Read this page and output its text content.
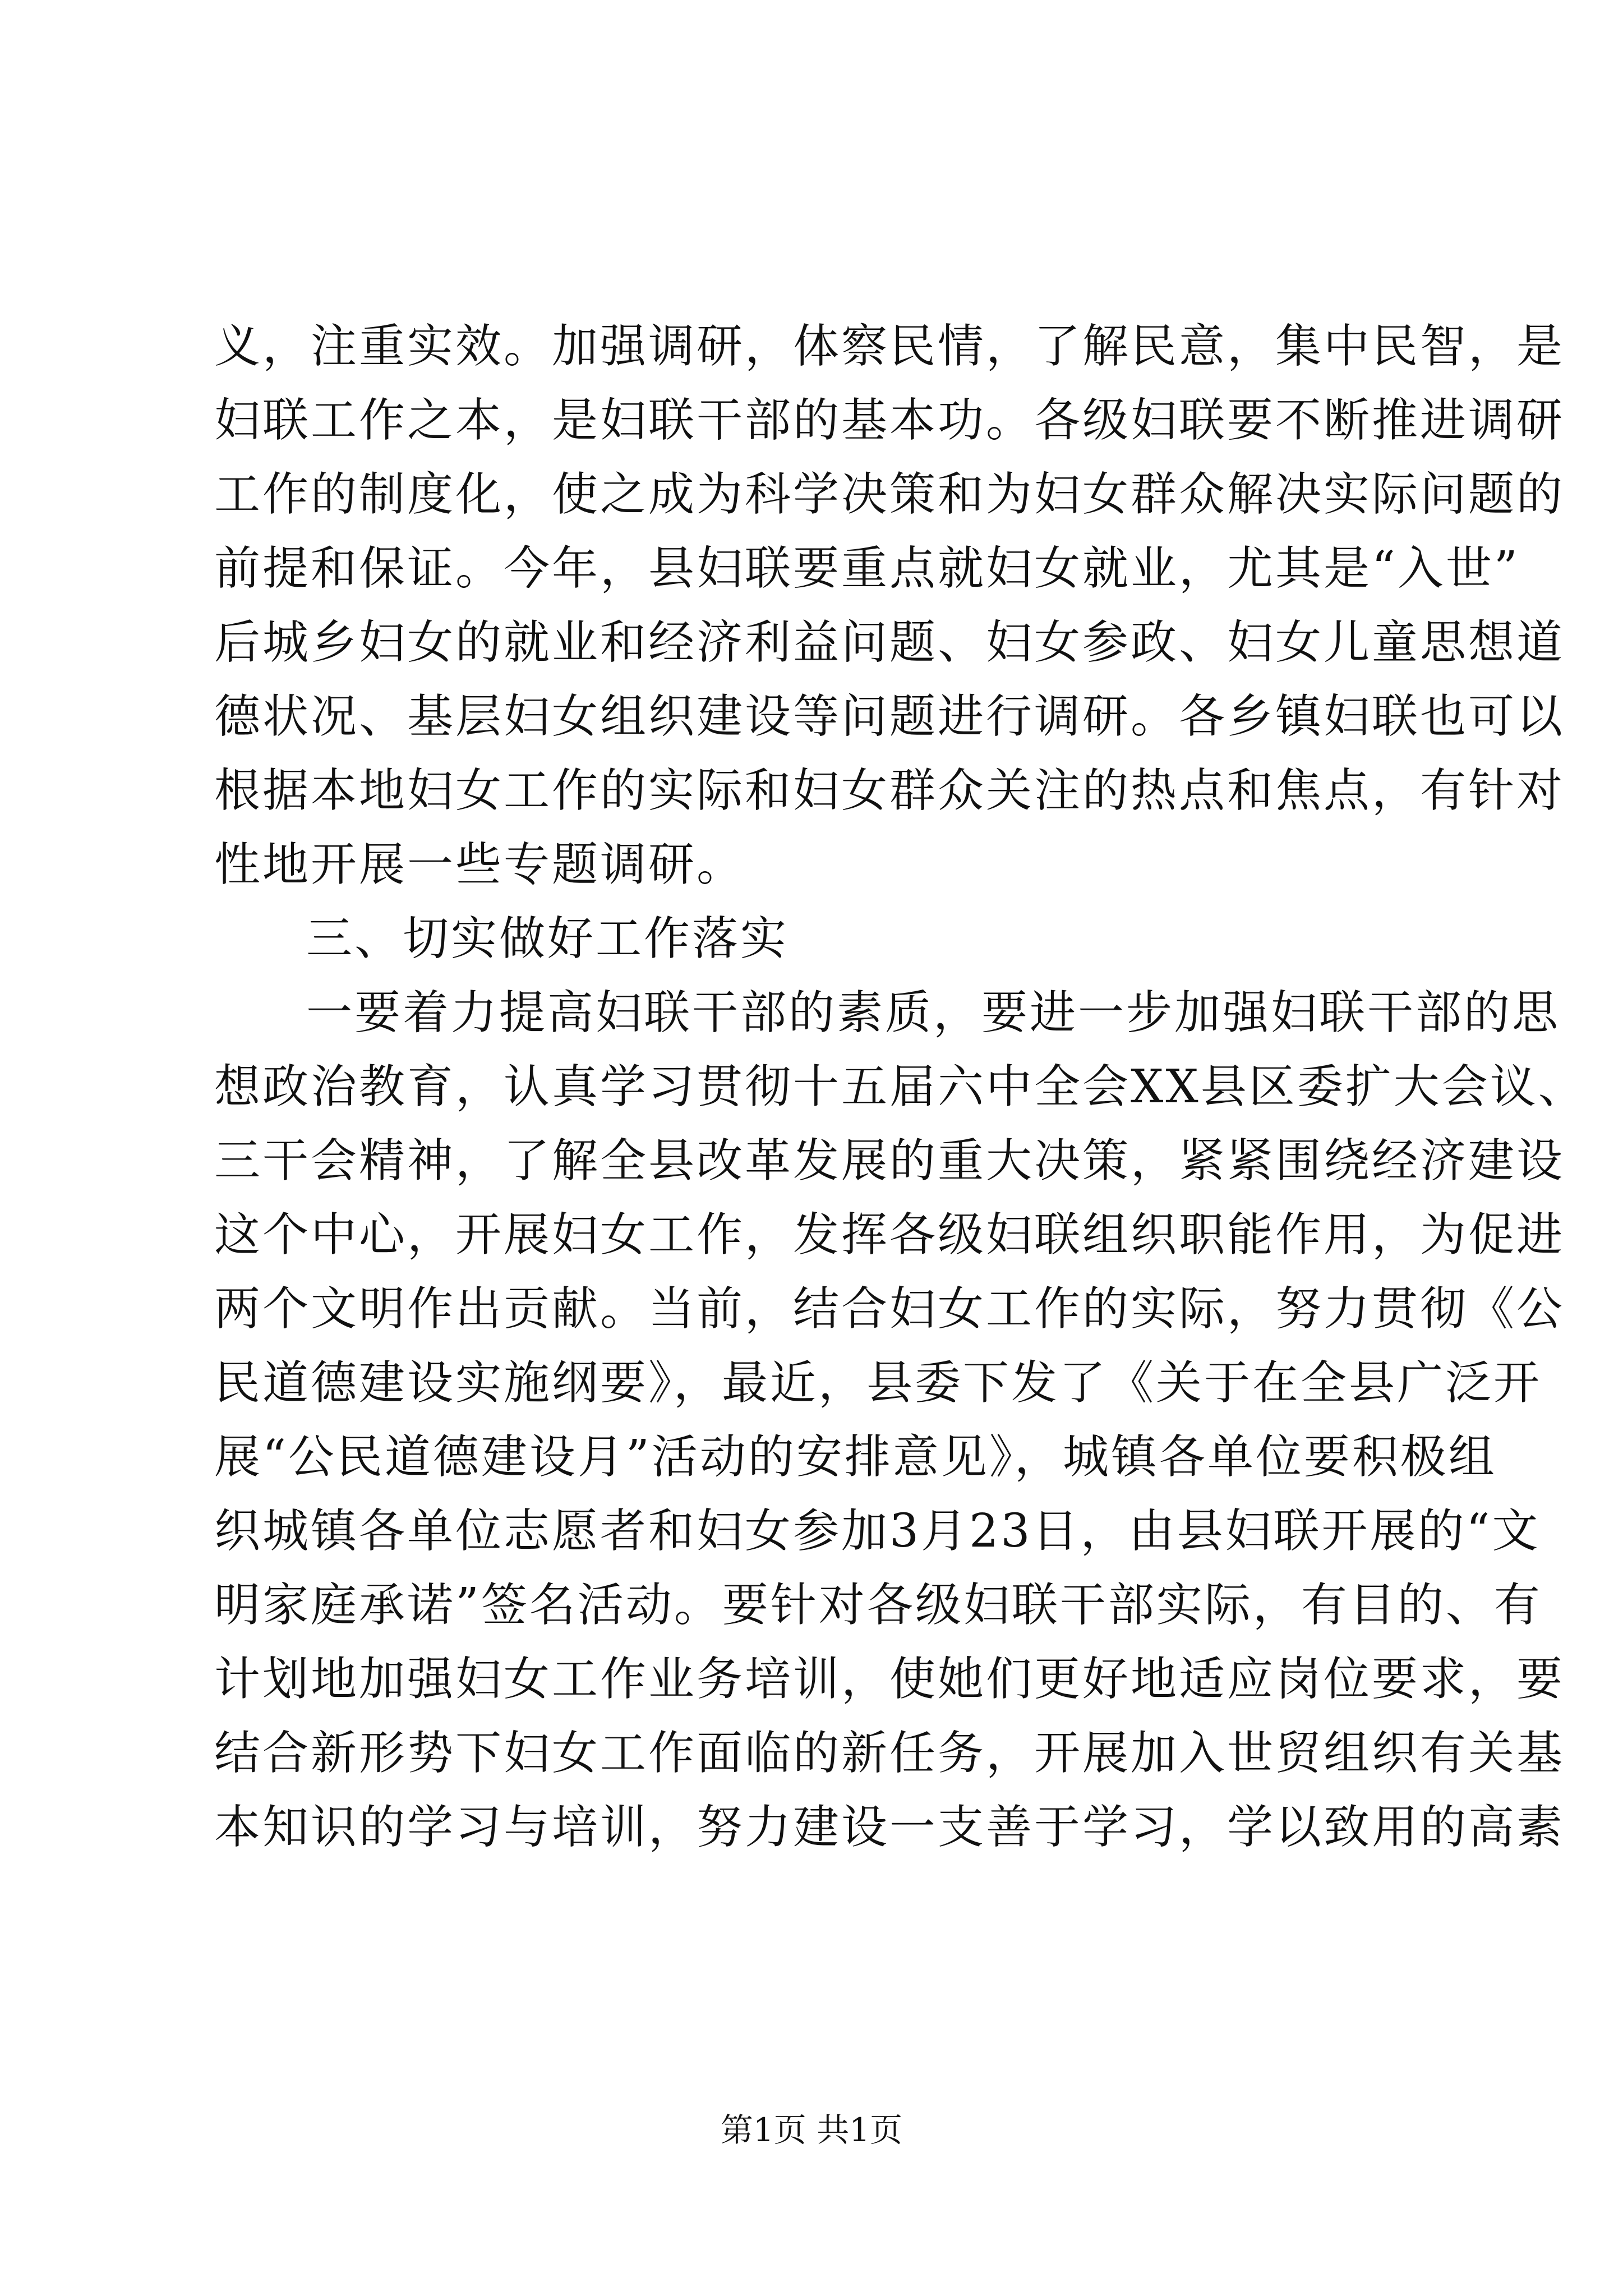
义，注重实效。加强调研，体察民情，了解民意，集中民智，是
妇联工作之本，是妇联干部的基本功。各级妇联要不断推进调研
工作的制度化，使之成为科学决策和为妇女群众解决实际问题的
前提和保证。今年，县妇联要重点就妇女就业，尤其是“入世”
后城乡妇女的就业和经济利益问题、妇女参政、妇女儿童思想道
德状况、基层妇女组织建设等问题进行调研。各乡镇妇联也可以
根据本地妇女工作的实际和妇女群众关注的热点和焦点，有针对
性地开展一些专题调研。
三、切实做好工作落实
一要着力提高妇联干部的素质，要进一步加强妇联干部的思
想政治教育，认真学习贯彻十五届六中全会XX县区委扩大会议、
三干会精神，了解全县改革发展的重大决策，紧紧围绕经济建设
这个中心，开展妇女工作，发挥各级妇联组织职能作用，为促进
两个文明作出贡献。当前，结合妇女工作的实际，努力贯彻《公
民道德建设实施纲要》，最近，县委下发了《关于在全县广泛开
展“公民道德建设月”活动的安排意见》，城镇各单位要积极组
织城镇各单位志愿者和妇女参加3月23日，由县妇联开展的“文
明家庭承诺”签名活动。要针对各级妇联干部实际，有目的、有
计划地加强妇女工作业务培训，使她们更好地适应岗位要求，要
结合新形势下妇女工作面临的新任务，开展加入世贸组织有关基
本知识的学习与培训，努力建设一支善于学习，学以致用的高素
第1页 共1页
